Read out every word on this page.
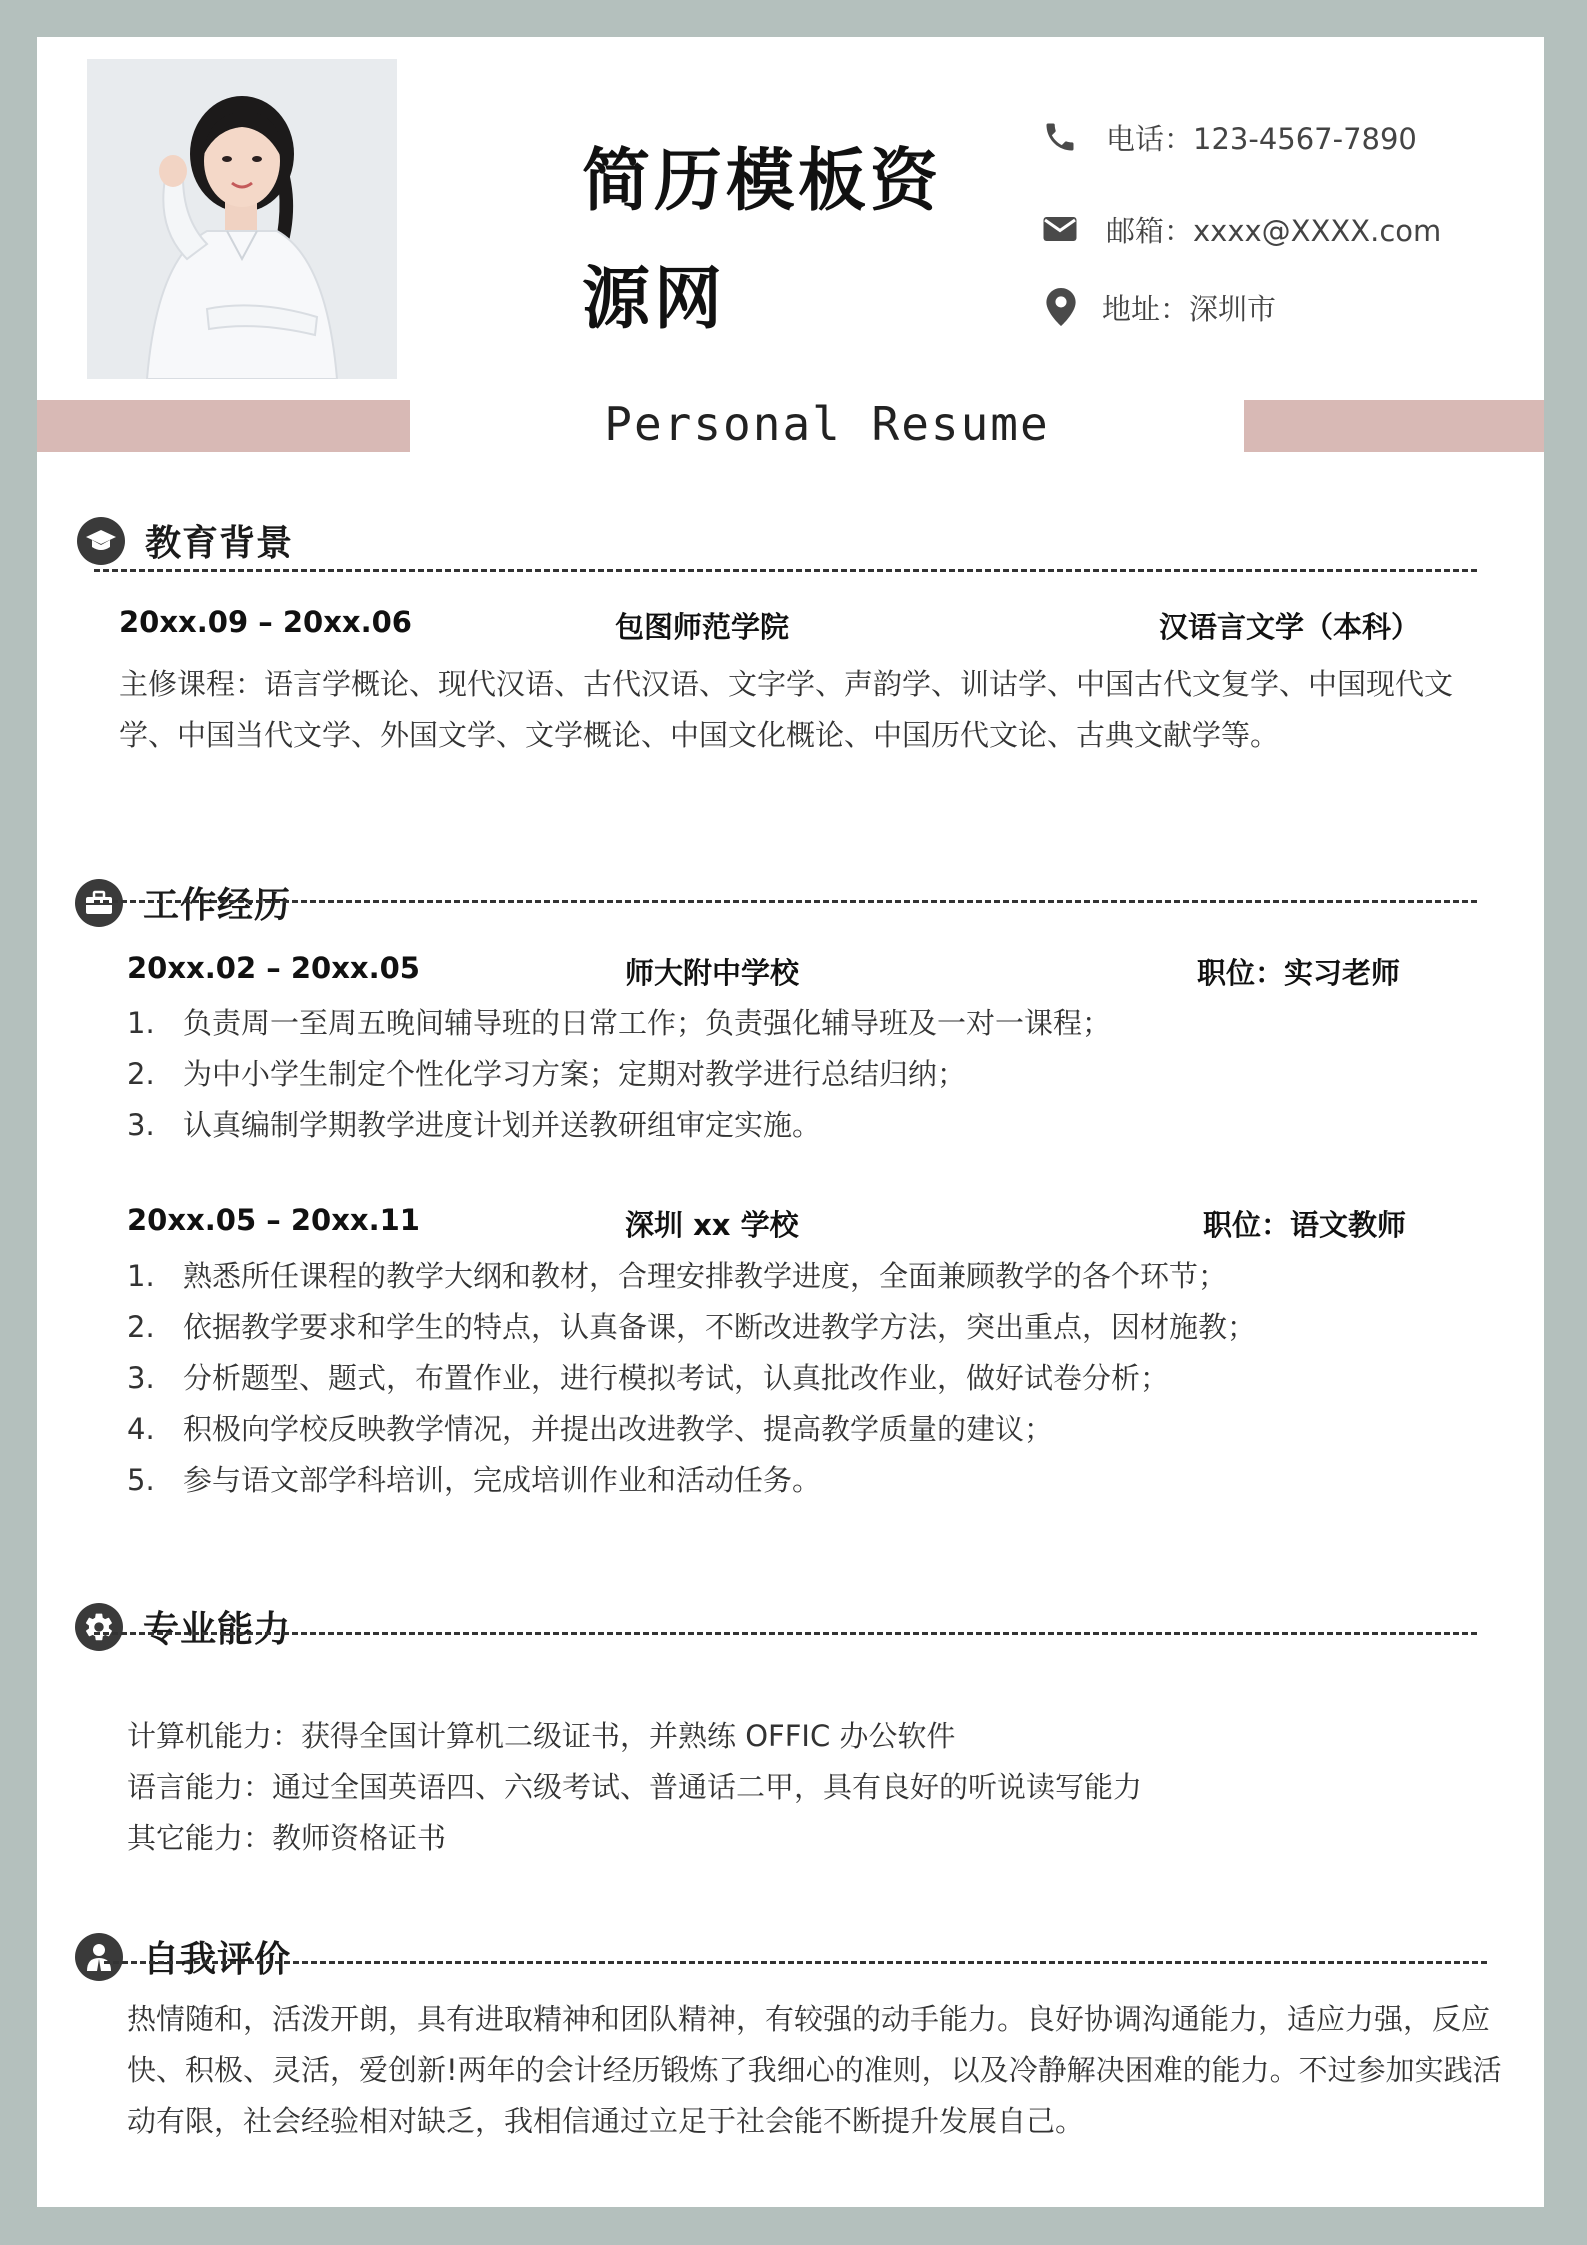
简历模板资
源网
电话：123-4567-7890
邮箱：xxxx@XXXX.com
地址：深圳市
Personal Resume
教育背景
20xx.09 – 20xx.06	包图师范学院	汉语言文学（本科）
主修课程：语言学概论、现代汉语、古代汉语、文字学、声韵学、训诂学、中国古代文复学、中国现代文学、中国当代文学、外国文学、文学概论、中国文化概论、中国历代文论、古典文献学等。
工作经历
20xx.02 – 20xx.05	师大附中学校	职位：实习老师
1. 负责周一至周五晚间辅导班的日常工作；负责强化辅导班及一对一课程；
2. 为中小学生制定个性化学习方案；定期对教学进行总结归纳；
3. 认真编制学期教学进度计划并送教研组审定实施。
20xx.05 – 20xx.11	深圳 xx 学校	职位：语文教师
1. 熟悉所任课程的教学大纲和教材，合理安排教学进度，全面兼顾教学的各个环节；
2. 依据教学要求和学生的特点，认真备课，不断改进教学方法，突出重点，因材施教；
3. 分析题型、题式，布置作业，进行模拟考试，认真批改作业，做好试卷分析；
4. 积极向学校反映教学情况，并提出改进教学、提高教学质量的建议；
5. 参与语文部学科培训，完成培训作业和活动任务。
专业能力
计算机能力：获得全国计算机二级证书，并熟练 OFFIC 办公软件
语言能力：通过全国英语四、六级考试、普通话二甲，具有良好的听说读写能力
其它能力：教师资格证书
自我评价
热情随和，活泼开朗，具有进取精神和团队精神，有较强的动手能力。良好协调沟通能力，适应力强，反应快、积极、灵活，爱创新!两年的会计经历锻炼了我细心的准则，以及冷静解决困难的能力。不过参加实践活动有限，社会经验相对缺乏，我相信通过立足于社会能不断提升发展自己。
